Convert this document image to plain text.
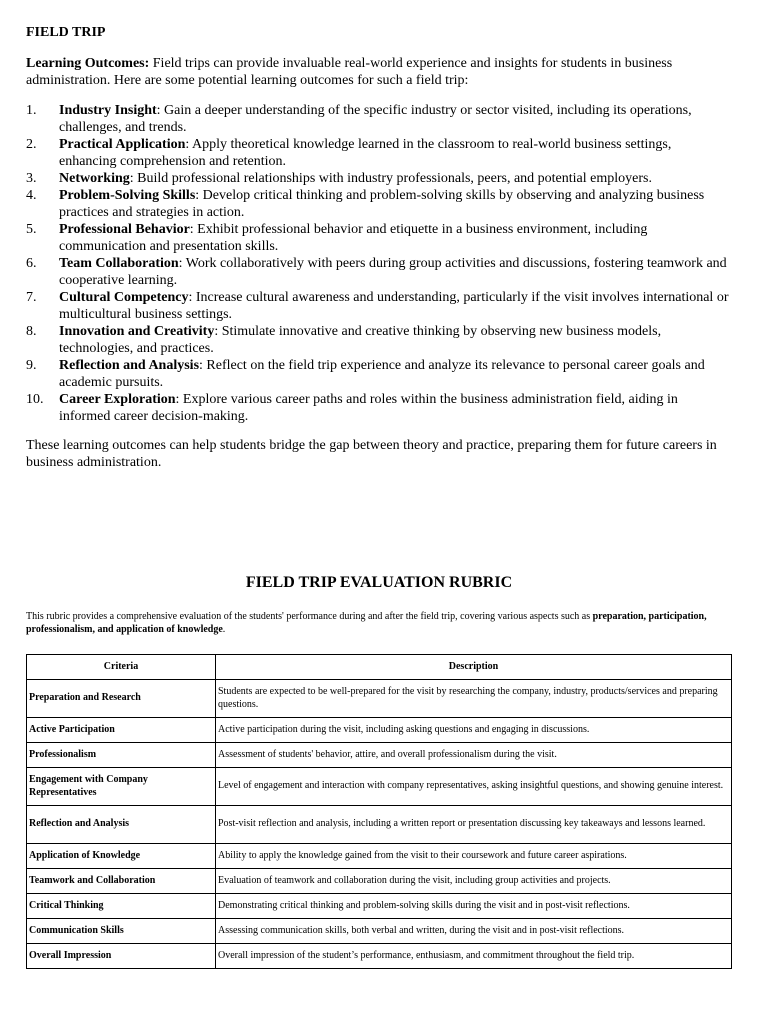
FIELD TRIP

Learning Outcomes: Field trips can provide invaluable real-world experience and insights for students in business administration. Here are some potential learning outcomes for such a field trip:

1.	Industry Insight: Gain a deeper understanding of the specific industry or sector visited, including its operations, challenges, and trends.
2.	Practical Application: Apply theoretical knowledge learned in the classroom to real-world business settings, enhancing comprehension and retention.
3.	Networking: Build professional relationships with industry professionals, peers, and potential employers.
4.	Problem-Solving Skills: Develop critical thinking and problem-solving skills by observing and analyzing business practices and strategies in action.
5.	Professional Behavior: Exhibit professional behavior and etiquette in a business environment, including communication and presentation skills.
6.	Team Collaboration: Work collaboratively with peers during group activities and discussions, fostering teamwork and cooperative learning.
7.	Cultural Competency: Increase cultural awareness and understanding, particularly if the visit involves international or multicultural business settings.
8.	Innovation and Creativity: Stimulate innovative and creative thinking by observing new business models, technologies, and practices.
9.	Reflection and Analysis: Reflect on the field trip experience and analyze its relevance to personal career goals and academic pursuits.
10.	Career Exploration: Explore various career paths and roles within the business administration field, aiding in informed career decision-making.

These learning outcomes can help students bridge the gap between theory and practice, preparing them for future careers in business administration.

FIELD TRIP EVALUATION RUBRIC

This rubric provides a comprehensive evaluation of the students' performance during and after the field trip, covering various aspects such as preparation, participation, professionalism, and application of knowledge.

Criteria	Description
Preparation and Research	Students are expected to be well-prepared for the visit by researching the company, industry, products/services and preparing questions.
Active Participation	Active participation during the visit, including asking questions and engaging in discussions.
Professionalism	Assessment of students' behavior, attire, and overall professionalism during the visit.
Engagement with Company Representatives	Level of engagement and interaction with company representatives, asking insightful questions, and showing genuine interest.
Reflection and Analysis	Post-visit reflection and analysis, including a written report or presentation discussing key takeaways and lessons learned.
Application of Knowledge	Ability to apply the knowledge gained from the visit to their coursework and future career aspirations.
Teamwork and Collaboration	Evaluation of teamwork and collaboration during the visit, including group activities and projects.
Critical Thinking	Demonstrating critical thinking and problem-solving skills during the visit and in post-visit reflections.
Communication Skills	Assessing communication skills, both verbal and written, during the visit and in post-visit reflections.
Overall Impression	Overall impression of the student’s performance, enthusiasm, and commitment throughout the field trip.
